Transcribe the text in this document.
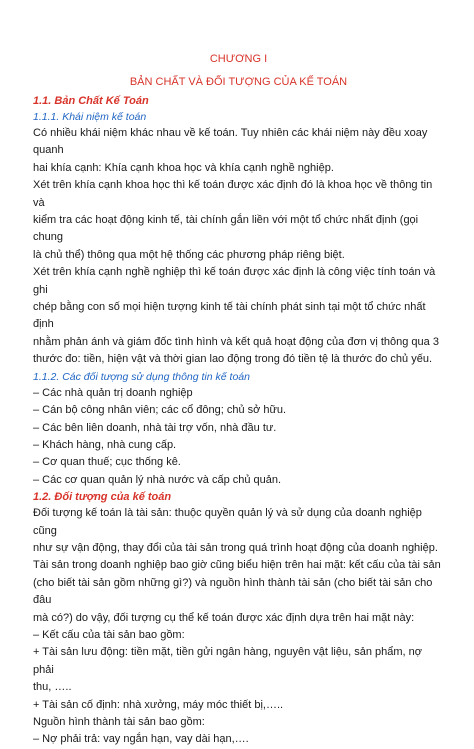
CHƯƠNG I
BẢN CHẤT VÀ ĐỐI TƯỢNG CỦA KẾ TOÁN
1.1. Bản Chất Kế Toán
1.1.1. Khái niệm kế toán

Có nhiều khái niệm khác nhau về kế toán. Tuy nhiên các khái niệm này đều xoay quanh

hai khía cạnh: Khía cạnh khoa học và khía cạnh nghề nghiệp.

Xét trên khía cạnh khoa học thì kế toán được xác định đó là khoa học về thông tin và

kiểm tra các hoạt động kinh tế, tài chính gắn liền với một tổ chức nhất định (gọi chung

là chủ thể) thông qua một hệ thống các phương pháp riêng biệt.

Xét trên khía cạnh nghề nghiệp thì kế toán được xác định là công việc tính toán và ghi

chép bằng con số mọi hiện tượng kinh tế tài chính phát sinh tại một tổ chức nhất định

nhằm phản ánh và giám đốc tình hình và kết quả hoạt động của đơn vị thông qua 3

thước đo: tiền, hiện vật và thời gian lao động trong đó tiền tệ là thước đo chủ yếu.

1.1.2. Các đối tượng sử dụng thông tin kế toán

– Các nhà quản trị doanh nghiệp

– Cán bộ công nhân viên; các cổ đông; chủ sở hữu.

– Các bên liên doanh, nhà tài trợ vốn, nhà đầu tư.

– Khách hàng, nhà cung cấp.

– Cơ quan thuế; cục thống kê.

– Các cơ quan quản lý nhà nước và cấp chủ quản.

1.2. Đối tượng của kế toán

Đối tượng kế toán là tài sản: thuộc quyền quản lý và sử dụng của doanh nghiệp cũng

như sự vận động, thay đổi của tài sản trong quá trình hoạt động của doanh nghiệp.

Tài sản trong doanh nghiệp bao giờ cũng biểu hiện trên hai mặt: kết cấu của tài sản

(cho biết tài sản gồm những gì?) và nguồn hình thành tài sản (cho biết tài sản cho đâu

mà có?) do vậy, đối tượng cụ thể kế toán được xác định dựa trên hai mặt này:

– Kết cấu của tài sản bao gồm:

+ Tài sản lưu động: tiền mặt, tiền gửi ngân hàng, nguyên vật liệu, sản phẩm, nợ phải

thu, …..

+ Tài sản cố định: nhà xưởng, máy móc thiết bị,…..

Nguồn hình thành tài sản bao gồm:

– Nợ phải trả: vay ngắn hạn, vay dài hạn,….
